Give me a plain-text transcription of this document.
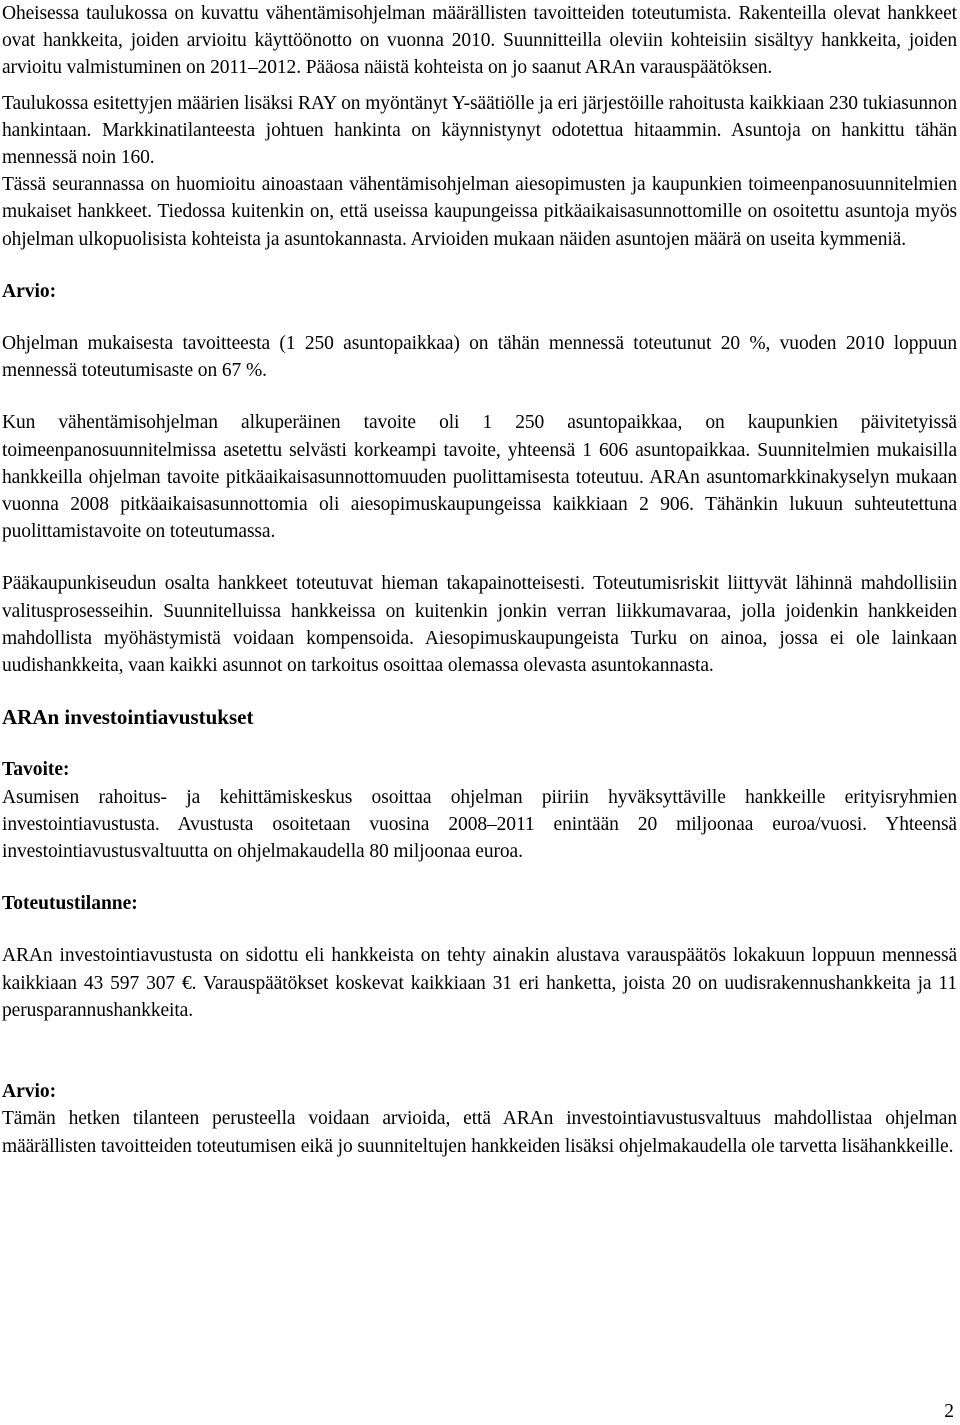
Oheisessa taulukossa on kuvattu vähentämisohjelman määrällisten tavoitteiden toteutumista. Rakenteilla olevat hankkeet ovat hankkeita, joiden arvioitu käyttöönotto on vuonna 2010. Suunnitteilla oleviin kohteisiin sisältyy hankkeita, joiden arvioitu valmistuminen on 2011–2012. Pääosa näistä kohteista on jo saanut ARAn varauspäätöksen.

Taulukossa esitettyjen määrien lisäksi RAY on myöntänyt Y-säätiölle ja eri järjestöille rahoitusta kaikkiaan 230 tukiasunnon hankintaan. Markkinatilanteesta johtuen hankinta on käynnistynyt odotettua hitaammin. Asuntoja on hankittu tähän mennessä noin 160.

Tässä seurannassa on huomioitu ainoastaan vähentämisohjelman aiesopimusten ja kaupunkien toimeenpanosuunnitelmien mukaiset hankkeet. Tiedossa kuitenkin on, että useissa kaupungeissa pitkäaikaisasunnottomille on osoitettu asuntoja myös ohjelman ulkopuolisista kohteista ja asuntokannasta. Arvioiden mukaan näiden asuntojen määrä on useita kymmeniä.

Arvio:

Ohjelman mukaisesta tavoitteesta (1 250 asuntopaikkaa) on tähän mennessä toteutunut 20 %, vuoden 2010 loppuun mennessä toteutumisaste on 67 %.

Kun vähentämisohjelman alkuperäinen tavoite oli 1 250 asuntopaikkaa, on kaupunkien päivitetyissä toimeenpanosuunnitelmissa asetettu selvästi korkeampi tavoite, yhteensä 1 606 asuntopaikkaa. Suunnitelmien mukaisilla hankkeilla ohjelman tavoite pitkäaikaisasunnottomuuden puolittamisesta toteutuu. ARAn asuntomarkkinakyselyn mukaan vuonna 2008 pitkäaikaisasunnottomia oli aiesopimuskaupungeissa kaikkiaan 2 906. Tähänkin lukuun suhteutettuna puolittamistavoite on toteutumassa.

Pääkaupunkiseudun osalta hankkeet toteutuvat hieman takapainotteisesti. Toteutumisriskit liittyvät lähinnä mahdollisiin valitusprosesseihin. Suunnitelluissa hankkeissa on kuitenkin jonkin verran liikkumavaraa, jolla joidenkin hankkeiden mahdollista myöhästymistä voidaan kompensoida. Aiesopimuskaupungeista Turku on ainoa, jossa ei ole lainkaan uudishankkeita, vaan kaikki asunnot on tarkoitus osoittaa olemassa olevasta asuntokannasta.

ARAn investointiavustukset
Tavoite:

Asumisen rahoitus- ja kehittämiskeskus osoittaa ohjelman piiriin hyväksyttäville hankkeille erityisryhmien investointiavustusta. Avustusta osoitetaan vuosina 2008–2011 enintään 20 miljoonaa euroa/vuosi. Yhteensä investointiavustusvaltuutta on ohjelmakaudella 80 miljoonaa euroa.

Toteutustilanne:

ARAn investointiavustusta on sidottu eli hankkeista on tehty ainakin alustava varauspäätös lokakuun loppuun mennessä kaikkiaan 43 597 307 €. Varauspäätökset koskevat kaikkiaan 31 eri hanketta, joista 20 on uudisrakennushankkeita ja 11 perusparannushankkeita.

Arvio:

Tämän hetken tilanteen perusteella voidaan arvioida, että ARAn investointiavustusvaltuus mahdollistaa ohjelman määrällisten tavoitteiden toteutumisen eikä jo suunniteltujen hankkeiden lisäksi ohjelmakaudella ole tarvetta lisähankkeille.

2
